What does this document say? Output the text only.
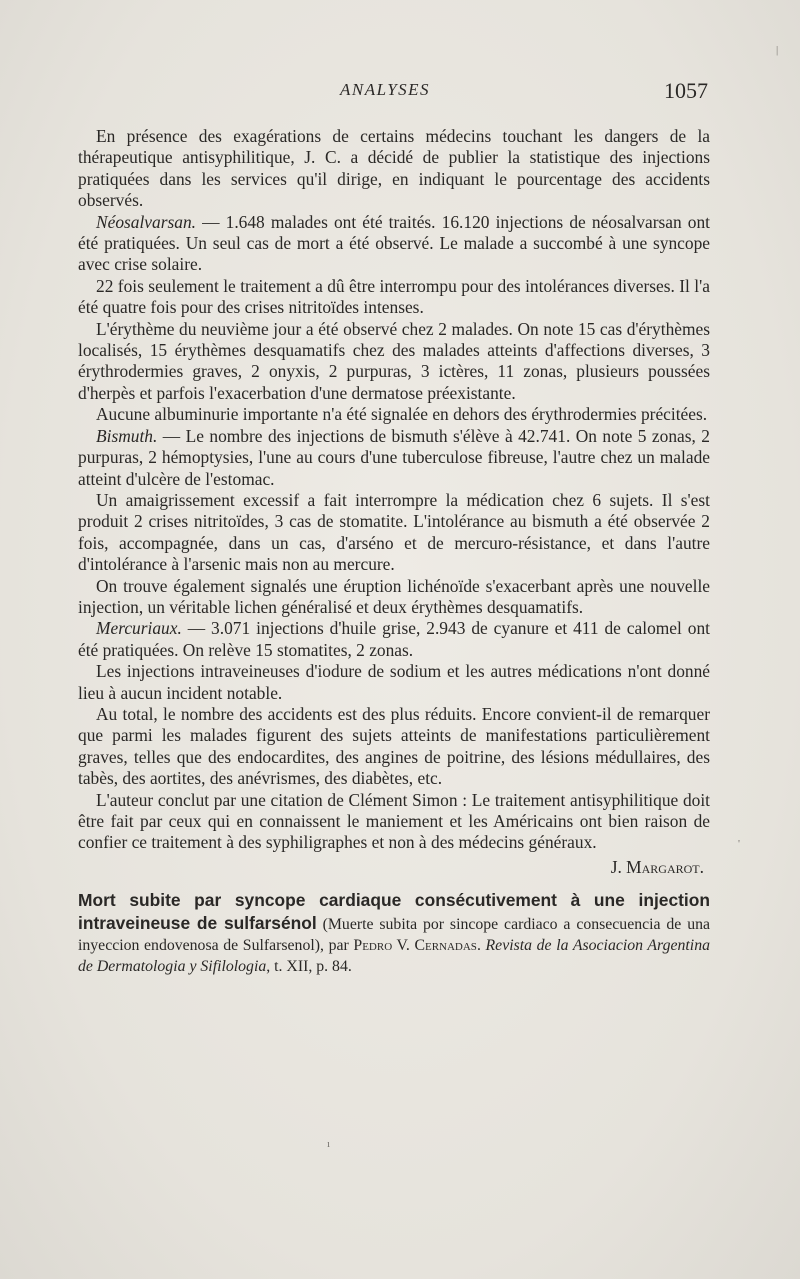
ANALYSES	1057

En présence des exagérations de certains médecins touchant les dangers de la thérapeutique antisyphilitique, J. C. a décidé de publier la statistique des injections pratiquées dans les services qu'il dirige, en indiquant le pourcentage des accidents observés.

Néosalvarsan. — 1.648 malades ont été traités. 16.120 injections de néosalvarsan ont été pratiquées. Un seul cas de mort a été observé. Le malade a succombé à une syncope avec crise solaire.

22 fois seulement le traitement a dû être interrompu pour des intolérances diverses. Il l'a été quatre fois pour des crises nitritoïdes intenses.

L'érythème du neuvième jour a été observé chez 2 malades. On note 15 cas d'érythèmes localisés, 15 érythèmes desquamatifs chez des malades atteints d'affections diverses, 3 érythrodermies graves, 2 onyxis, 2 purpuras, 3 ictères, 11 zonas, plusieurs poussées d'herpès et parfois l'exacerbation d'une dermatose préexistante.

Aucune albuminurie importante n'a été signalée en dehors des érythrodermies précitées.

Bismuth. — Le nombre des injections de bismuth s'élève à 42.741. On note 5 zonas, 2 purpuras, 2 hémoptysies, l'une au cours d'une tuberculose fibreuse, l'autre chez un malade atteint d'ulcère de l'estomac.

Un amaigrissement excessif a fait interrompre la médication chez 6 sujets. Il s'est produit 2 crises nitritoïdes, 3 cas de stomatite. L'intolérance au bismuth a été observée 2 fois, accompagnée, dans un cas, d'arséno et de mercuro-résistance, et dans l'autre d'intolérance à l'arsenic mais non au mercure.

On trouve également signalés une éruption lichénoïde s'exacerbant après une nouvelle injection, un véritable lichen généralisé et deux érythèmes desquamatifs.

Mercuriaux. — 3.071 injections d'huile grise, 2.943 de cyanure et 411 de calomel ont été pratiquées. On relève 15 stomatites, 2 zonas.

Les injections intraveineuses d'iodure de sodium et les autres médications n'ont donné lieu à aucun incident notable.

Au total, le nombre des accidents est des plus réduits. Encore convient-il de remarquer que parmi les malades figurent des sujets atteints de manifestations particulièrement graves, telles que des endocardites, des angines de poitrine, des lésions médullaires, des tabès, des aortites, des anévrismes, des diabètes, etc.

L'auteur conclut par une citation de Clément Simon : Le traitement antisyphilitique doit être fait par ceux qui en connaissent le maniement et les Américains ont bien raison de confier ce traitement à des syphiligraphes et non à des médecins généraux.

J. Margarot.

Mort subite par syncope cardiaque consécutivement à une injection intraveineuse de sulfarsénol (Muerte subita por sincope cardiaco a consecuencia de una inyeccion endovenosa de Sulfarsenol), par Pedro V. Cernadas. Revista de la Asociacion Argentina de Dermatologia y Sifilologia, t. XII, p. 84.

|
ı
'
